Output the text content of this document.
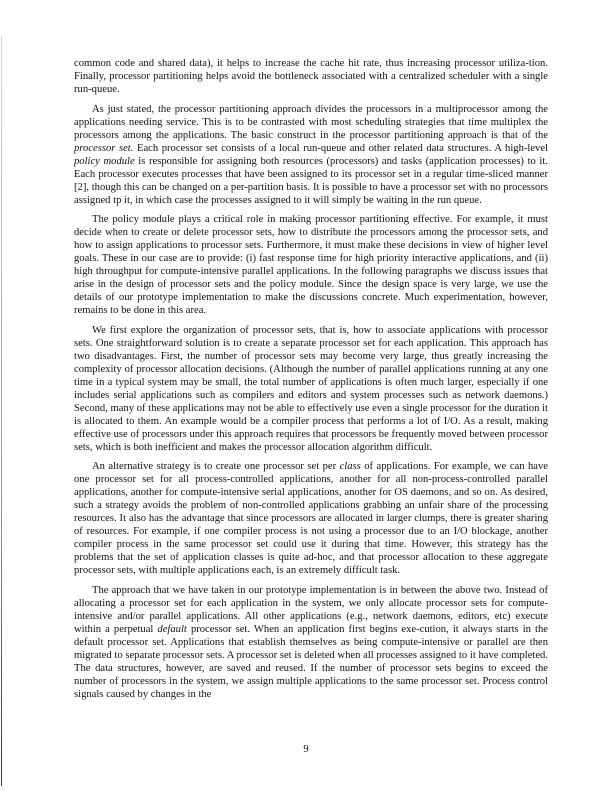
common code and shared data), it helps to increase the cache hit rate, thus increasing processor utiliza-tion. Finally, processor partitioning helps avoid the bottleneck associated with a centralized scheduler with a single run-queue.

As just stated, the processor partitioning approach divides the processors in a multiprocessor among the applications needing service. This is to be contrasted with most scheduling strategies that time multiplex the processors among the applications. The basic construct in the processor partitioning approach is that of the processor set. Each processor set consists of a local run-queue and other related data structures. A high-level policy module is responsible for assigning both resources (processors) and tasks (application processes) to it. Each processor executes processes that have been assigned to its processor set in a regular time-sliced manner [2], though this can be changed on a per-partition basis. It is possible to have a processor set with no processors assigned tp it, in which case the processes assigned to it will simply be waiting in the run queue.

The policy module plays a critical role in making processor partitioning effective. For example, it must decide when to create or delete processor sets, how to distribute the processors among the processor sets, and how to assign applications to processor sets. Furthermore, it must make these decisions in view of higher level goals. These in our case are to provide: (i) fast response time for high priority interactive applications, and (ii) high throughput for compute-intensive parallel applications. In the following paragraphs we discuss issues that arise in the design of processor sets and the policy module. Since the design space is very large, we use the details of our prototype implementation to make the discussions concrete. Much experimentation, however, remains to be done in this area.

We first explore the organization of processor sets, that is, how to associate applications with processor sets. One straightforward solution is to create a separate processor set for each application. This approach has two disadvantages. First, the number of processor sets may become very large, thus greatly increasing the complexity of processor allocation decisions. (Although the number of parallel applications running at any one time in a typical system may be small, the total number of applications is often much larger, especially if one includes serial applications such as compilers and editors and system processes such as network daemons.) Second, many of these applications may not be able to effectively use even a single processor for the duration it is allocated to them. An example would be a compiler process that performs a lot of I/O. As a result, making effective use of processors under this approach requires that processors be frequently moved between processor sets, which is both inefficient and makes the processor allocation algorithm difficult.

An alternative strategy is to create one processor set per class of applications. For example, we can have one processor set for all process-controlled applications, another for all non-process-controlled parallel applications, another for compute-intensive serial applications, another for OS daemons, and so on. As desired, such a strategy avoids the problem of non-controlled applications grabbing an unfair share of the processing resources. It also has the advantage that since processors are allocated in larger clumps, there is greater sharing of resources. For example, if one compiler process is not using a processor due to an I/O blockage, another compiler process in the same processor set could use it during that time. However, this strategy has the problems that the set of application classes is quite ad-hoc, and that processor allocation to these aggregate processor sets, with multiple applications each, is an extremely difficult task.

The approach that we have taken in our prototype implementation is in between the above two. Instead of allocating a processor set for each application in the system, we only allocate processor sets for compute-intensive and/or parallel applications. All other applications (e.g., network daemons, editors, etc) execute within a perpetual default processor set. When an application first begins exe-cution, it always starts in the default processor set. Applications that establish themselves as being compute-intensive or parallel are then migrated to separate processor sets. A processor set is deleted when all processes assigned to it have completed. The data structures, however, are saved and reused. If the number of processor sets begins to exceed the number of processors in the system, we assign multiple applications to the same processor set. Process control signals caused by changes in the

9
